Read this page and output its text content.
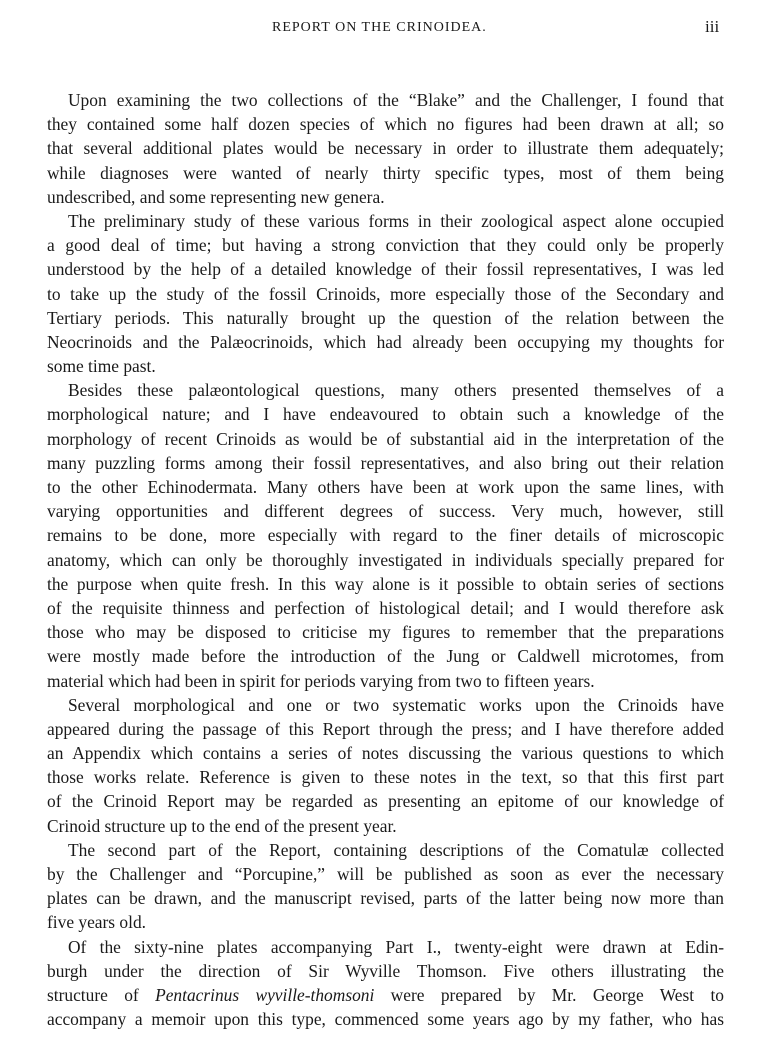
REPORT ON THE CRINOIDEA.	iii
Upon examining the two collections of the “Blake” and the Challenger, I found that
they contained some half dozen species of which no figures had been drawn at all; so
that several additional plates would be necessary in order to illustrate them adequately;
while diagnoses were wanted of nearly thirty specific types, most of them being
undescribed, and some representing new genera.
The preliminary study of these various forms in their zoological aspect alone occupied
a good deal of time; but having a strong conviction that they could only be properly
understood by the help of a detailed knowledge of their fossil representatives, I was led
to take up the study of the fossil Crinoids, more especially those of the Secondary and
Tertiary periods. This naturally brought up the question of the relation between the
Neocrinoids and the Palæocrinoids, which had already been occupying my thoughts for
some time past.
Besides these palæontological questions, many others presented themselves of a
morphological nature; and I have endeavoured to obtain such a knowledge of the
morphology of recent Crinoids as would be of substantial aid in the interpretation of the
many puzzling forms among their fossil representatives, and also bring out their relation
to the other Echinodermata. Many others have been at work upon the same lines, with
varying opportunities and different degrees of success. Very much, however, still
remains to be done, more especially with regard to the finer details of microscopic
anatomy, which can only be thoroughly investigated in individuals specially prepared for
the purpose when quite fresh. In this way alone is it possible to obtain series of sections
of the requisite thinness and perfection of histological detail; and I would therefore ask
those who may be disposed to criticise my figures to remember that the preparations
were mostly made before the introduction of the Jung or Caldwell microtomes, from
material which had been in spirit for periods varying from two to fifteen years.
Several morphological and one or two systematic works upon the Crinoids have
appeared during the passage of this Report through the press; and I have therefore added
an Appendix which contains a series of notes discussing the various questions to which
those works relate. Reference is given to these notes in the text, so that this first part
of the Crinoid Report may be regarded as presenting an epitome of our knowledge of
Crinoid structure up to the end of the present year.
The second part of the Report, containing descriptions of the Comatulæ collected
by the Challenger and “Porcupine,” will be published as soon as ever the necessary
plates can be drawn, and the manuscript revised, parts of the latter being now more than
five years old.
Of the sixty-nine plates accompanying Part I., twenty-eight were drawn at Edin-
burgh under the direction of Sir Wyville Thomson. Five others illustrating the
structure of Pentacrinus wyville-thomsoni were prepared by Mr. George West to
accompany a memoir upon this type, commenced some years ago by my father, who has
